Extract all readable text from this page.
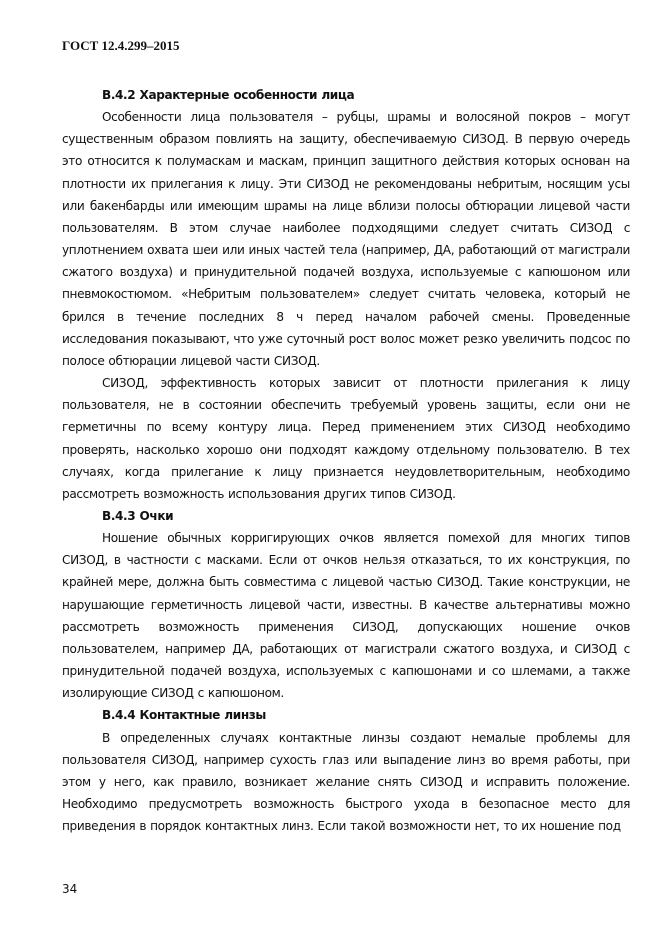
ГОСТ 12.4.299–2015
В.4.2 Характерные особенности лица

Особенности лица пользователя – рубцы, шрамы и волосяной покров – могут существенным образом повлиять на защиту, обеспечиваемую СИЗОД. В первую очередь это относится к полумаскам и маскам, принцип защитного действия которых основан на плотности их прилегания к лицу. Эти СИЗОД не рекомендованы небритым, носящим усы или бакенбарды или имеющим шрамы на лице вблизи полосы обтюрации лицевой части пользователям. В этом случае наиболее подходящими следует считать СИЗОД с уплотнением охвата шеи или иных частей тела (например, ДА, работающий от магистрали сжатого воздуха) и принудительной подачей воздуха, используемые с капюшоном или пневмокостюмом. «Небритым пользователем» следует считать человека, который не брился в течение последних 8 ч перед началом рабочей смены. Проведенные исследования показывают, что уже суточный рост волос может резко увеличить подсос по полосе обтюрации лицевой части СИЗОД.

СИЗОД, эффективность которых зависит от плотности прилегания к лицу пользователя, не в состоянии обеспечить требуемый уровень защиты, если они не герметичны по всему контуру лица. Перед применением этих СИЗОД необходимо проверять, насколько хорошо они подходят каждому отдельному пользователю. В тех случаях, когда прилегание к лицу признается неудовлетворительным, необходимо рассмотреть возможность использования других типов СИЗОД.

В.4.3 Очки

Ношение обычных корригирующих очков является помехой для многих типов СИЗОД, в частности с масками. Если от очков нельзя отказаться, то их конструкция, по крайней мере, должна быть совместима с лицевой частью СИЗОД. Такие конструкции, не нарушающие герметичность лицевой части, известны. В качестве альтернативы можно рассмотреть возможность применения СИЗОД, допускающих ношение очков пользователем, например ДА, работающих от магистрали сжатого воздуха, и СИЗОД с принудительной подачей воздуха, используемых с капюшонами и со шлемами, а также изолирующие СИЗОД с капюшоном.

В.4.4 Контактные линзы

В определенных случаях контактные линзы создают немалые проблемы для пользователя СИЗОД, например сухость глаз или выпадение линз во время работы, при этом у него, как правило, возникает желание снять СИЗОД и исправить положение. Необходимо предусмотреть возможность быстрого ухода в безопасное место для приведения в порядок контактных линз. Если такой возможности нет, то их ношение под

34
